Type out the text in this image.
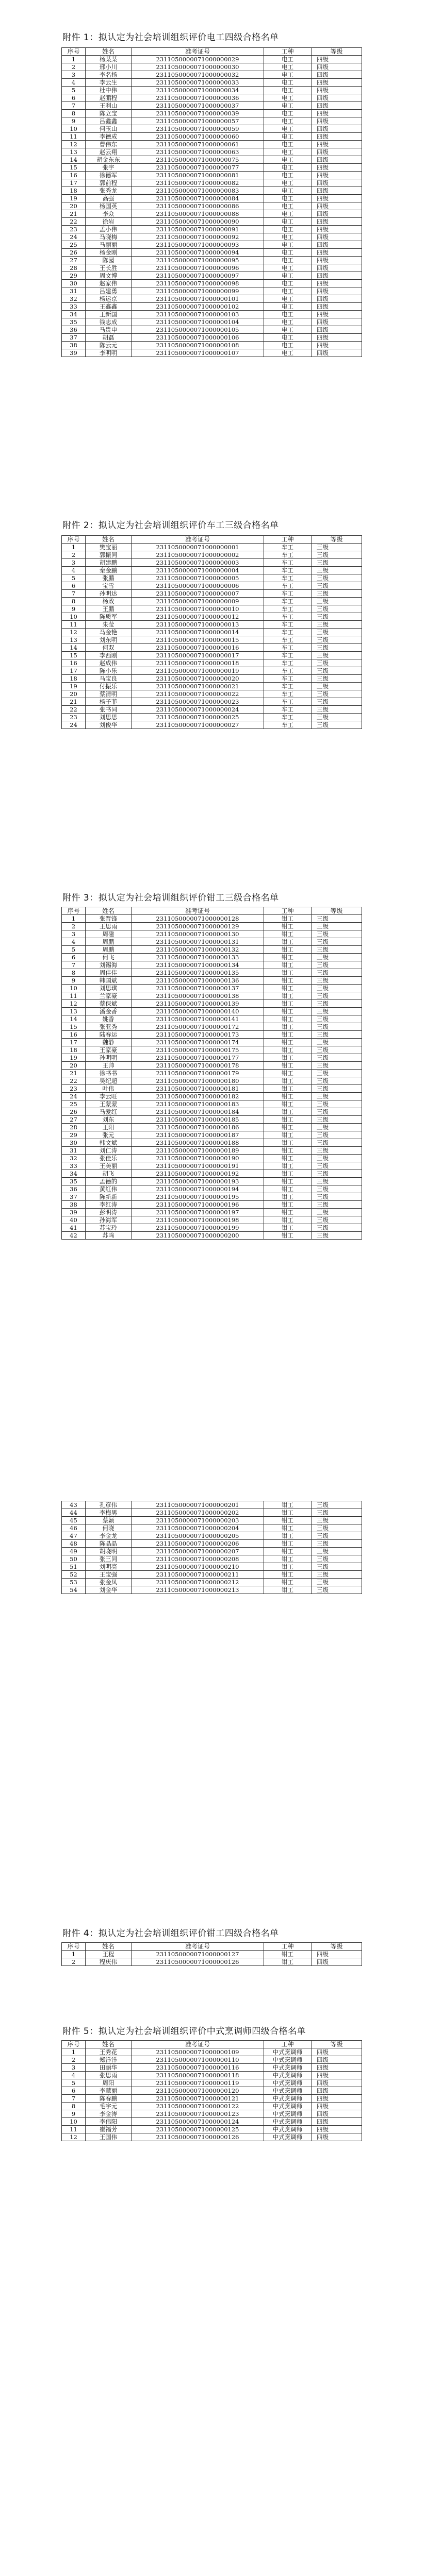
附件 1：拟认定为社会培训组织评价电工四级合格名单
序号	姓名	准考证号	工种	等级
1	杨某某	2311050000071000000029	电工	四级
2	邢小川	2311050000071000000030	电工	四级
3	李名扬	2311050000071000000032	电工	四级
4	李云生	2311050000071000000033	电工	四级
5	杜中伟	2311050000071000000034	电工	四级
6	赵鹏程	2311050000071000000036	电工	四级
7	王利山	2311050000071000000037	电工	四级
8	陈立宝	2311050000071000000039	电工	四级
9	吕鑫鑫	2311050000071000000057	电工	四级
10	何玉山	2311050000071000000059	电工	四级
11	李德成	2311050000071000000060	电工	四级
12	曹伟东	2311050000071000000061	电工	四级
13	赵云翔	2311050000071000000063	电工	四级
14	胡金东东	2311050000071000000075	电工	四级
15	张宇	2311050000071000000077	电工	四级
16	徐德军	2311050000071000000081	电工	四级
17	郭前程	2311050000071000000082	电工	四级
18	张秀龙	2311050000071000000083	电工	四级
19	高强	2311050000071000000084	电工	四级
20	杨国英	2311050000071000000086	电工	四级
21	李众	2311050000071000000088	电工	四级
22	徐岩	2311050000071000000090	电工	四级
23	孟小伟	2311050000071000000091	电工	四级
24	马晓梅	2311050000071000000092	电工	四级
25	马丽丽	2311050000071000000093	电工	四级
26	杨金刚	2311050000071000000094	电工	四级
27	陈园	2311050000071000000095	电工	四级
28	王长胜	2311050000071000000096	电工	四级
29	周文博	2311050000071000000097	电工	四级
30	赵家伟	2311050000071000000098	电工	四级
31	吕建勇	2311050000071000000099	电工	四级
32	杨运京	2311050000071000000101	电工	四级
33	王鑫鑫	2311050000071000000102	电工	四级
34	王新国	2311050000071000000103	电工	四级
35	钱志成	2311050000071000000104	电工	四级
36	马贵申	2311050000071000000105	电工	四级
37	胡磊	2311050000071000000106	电工	四级
38	陈云元	2311050000071000000108	电工	四级
39	李明明	2311050000071000000107	电工	四级
附件 2：拟认定为社会培训组织评价车工三级合格名单
序号	姓名	准考证号	工种	等级
1	樊宝丽	2311050000071000000001	车工	三级
2	郭振同	2311050000071000000002	车工	三级
3	胡建鹏	2311050000071000000003	车工	三级
4	秦金鹏	2311050000071000000004	车工	三级
5	张鹏	2311050000071000000005	车工	三级
6	宝雪	2311050000071000000006	车工	三级
7	孙明达	2311050000071000000007	车工	三级
8	杨政	2311050000071000000009	车工	三级
9	王鹏	2311050000071000000010	车工	三级
10	陈质军	2311050000071000000012	车工	三级
11	朱莹	2311050000071000000013	车工	三级
12	马金艳	2311050000071000000014	车工	三级
13	刘东明	2311050000071000000015	车工	三级
14	何双	2311050000071000000016	车工	三级
15	李西刚	2311050000071000000017	车工	三级
16	赵成伟	2311050000071000000018	车工	三级
17	陈小乐	2311050000071000000019	车工	三级
18	马宝良	2311050000071000000020	车工	三级
19	付振乐	2311050000071000000021	车工	三级
20	蔡清明	2311050000071000000022	车工	三级
21	杨子菲	2311050000071000000023	车工	三级
22	张书同	2311050000071000000024	车工	三级
23	刘思思	2311050000071000000025	车工	三级
24	刘俊华	2311050000071000000027	车工	三级
附件 3：拟认定为社会培训组织评价钳工三级合格名单
序号	姓名	准考证号	工种	等级
1	张晋锋	2311050000071000000128	钳工	三级
2	王思雨	2311050000071000000129	钳工	三级
3	周磁	2311050000071000000130	钳工	三级
4	周鹏	2311050000071000000131	钳工	三级
5	周鹏	2311050000071000000132	钳工	三级
6	何飞	2311050000071000000133	钳工	三级
7	刘锡海	2311050000071000000134	钳工	三级
8	周佳佳	2311050000071000000135	钳工	三级
9	韩国斌	2311050000071000000136	钳工	三级
10	刘思琪	2311050000071000000137	钳工	三级
11	兰家豪	2311050000071000000138	钳工	三级
12	蔡保斌	2311050000071000000139	钳工	三级
13	潘金香	2311050000071000000140	钳工	三级
14	姚香	2311050000071000000141	钳工	三级
15	张亚秀	2311050000071000000172	钳工	三级
16	陆春运	2311050000071000000173	钳工	三级
17	魏静	2311050000071000000174	钳工	三级
18	王家豪	2311050000071000000175	钳工	三级
19	孙明明	2311050000071000000177	钳工	三级
20	王帅	2311050000071000000178	钳工	三级
21	徐书书	2311050000071000000179	钳工	三级
22	吴纪超	2311050000071000000180	钳工	三级
23	叶伟	2311050000071000000181	钳工	三级
24	李云旺	2311050000071000000182	钳工	三级
25	王蒙蒙	2311050000071000000183	钳工	三级
26	马爱红	2311050000071000000184	钳工	三级
27	刘东	2311050000071000000185	钳工	三级
28	王阳	2311050000071000000186	钳工	三级
29	张元	2311050000071000000187	钳工	三级
30	韩文斌	2311050000071000000188	钳工	三级
31	刘仁涛	2311050000071000000189	钳工	三级
32	张佳乐	2311050000071000000190	钳工	三级
33	王美丽	2311050000071000000191	钳工	三级
34	胡飞	2311050000071000000192	钳工	三级
35	孟德的	2311050000071000000193	钳工	三级
36	黄红伟	2311050000071000000194	钳工	三级
37	陈新新	2311050000071000000195	钳工	三级
38	李红涛	2311050000071000000196	钳工	三级
39	彭明涛	2311050000071000000197	钳工	三级
40	孙海军	2311050000071000000198	钳工	三级
41	苏宝玲	2311050000071000000199	钳工	三级
42	苏鸣	2311050000071000000200	钳工	三级
43	孔彦伟	2311050000071000000201	钳工	三级
44	李梅男	2311050000071000000202	钳工	三级
45	蔡颖	2311050000071000000203	钳工	三级
46	何晓	2311050000071000000204	钳工	三级
47	李金龙	2311050000071000000205	钳工	三级
48	陈晶晶	2311050000071000000206	钳工	三级
49	胡晓明	2311050000071000000207	钳工	三级
50	张三同	2311050000071000000208	钳工	三级
51	刘明亮	2311050000071000000210	钳工	三级
52	王宝强	2311050000071000000211	钳工	三级
53	张金凤	2311050000071000000212	钳工	三级
54	刘金华	2311050000071000000213	钳工	三级
附件 4：拟认定为社会培训组织评价钳工四级合格名单
序号	姓名	准考证号	工种	等级
1	王程	2311050000071000000127	钳工	四级
2	程庆伟	2311050000071000000126	钳工	四级
附件 5：拟认定为社会培训组织评价中式烹调师四级合格名单
序号	姓名	准考证号	工种	等级
1	王秀花	2311050000071000000109	中式烹调师	四级
2	郑洋洋	2311050000071000000110	中式烹调师	四级
3	田丽华	2311050000071000000116	中式烹调师	四级
4	张思雨	2311050000071000000118	中式烹调师	四级
5	周阳	2311050000071000000119	中式烹调师	四级
6	李慧丽	2311050000071000000120	中式烹调师	四级
7	陈春鹏	2311050000071000000121	中式烹调师	四级
8	毛宇元	2311050000071000000122	中式烹调师	四级
9	李金涛	2311050000071000000123	中式烹调师	四级
10	李伟阳	2311050000071000000124	中式烹调师	四级
11	崔福芳	2311050000071000000125	中式烹调师	四级
12	王国伟	2311050000071000000126	中式烹调师	四级
